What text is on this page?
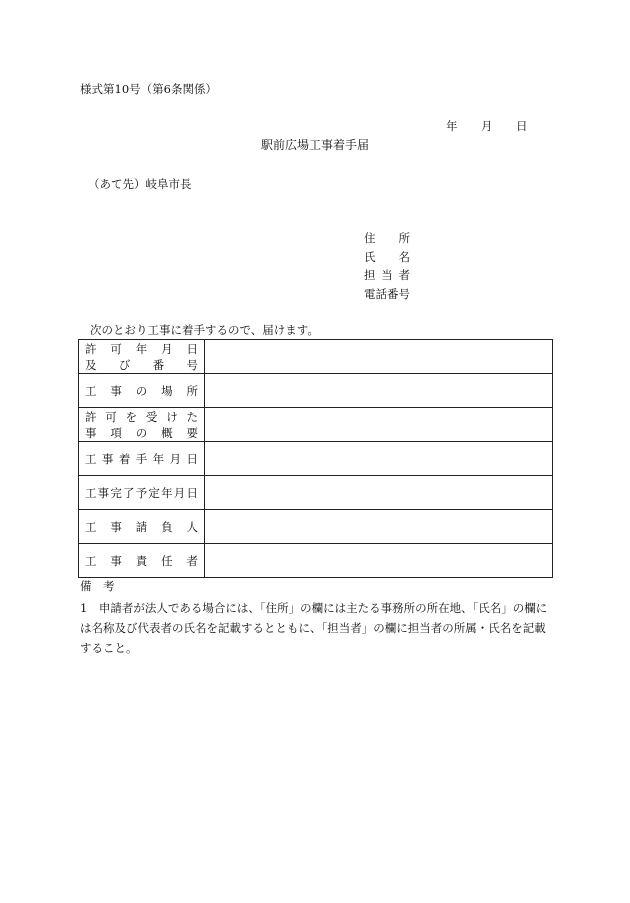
様式第10号（第6条関係）
年 月 日
駅前広場工事着手届
（あて先）岐阜市長
住　所
氏　名
担当者
電話番号
次のとおり工事に着手するので、届けます。
許可年月日
及び番号	

工事の場所	

許可を受けた
事項の概要	

工事着手年月日	

工事完了予定年月日	

工事請負人	

工事責任者	

備　考
1　申請者が法人である場合には、「住所」の欄には主たる事務所の所在地、「氏名」の欄には名称及び代表者の氏名を記載するとともに、「担当者」の欄に担当者の所属・氏名を記載すること。
